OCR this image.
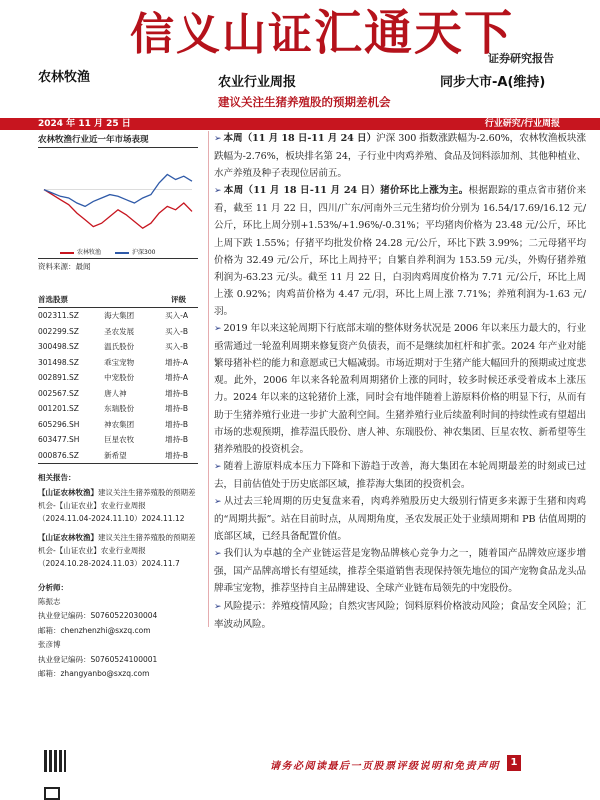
信义山证汇通天下
证券研究报告
农林牧渔	农业行业周报	同步大市-A(维持)
建议关注生猪养殖股的预期差机会
2024 年 11 月 25 日	行业研究/行业周报
农林牧渔行业近一年市场表现
农林牧渔	沪深300
资料来源：最闻
首选股票	评级
002311.SZ	海大集团	买入-A
002299.SZ	圣农发展	买入-B
300498.SZ	温氏股份	买入-B
301498.SZ	乖宝宠物	增持-A
002891.SZ	中宠股份	增持-A
002567.SZ	唐人神	增持-B
001201.SZ	东瑞股份	增持-B
605296.SH	神农集团	增持-B
603477.SH	巨星农牧	增持-B
000876.SZ	新希望	增持-B
相关报告：

【山证农林牧渔】建议关注生猪养殖股的预期差机会-【山证农业】农业行业周报（2024.11.04-2024.11.10）2024.11.12

【山证农林牧渔】建议关注生猪养殖股的预期差机会-【山证农业】农业行业周报（2024.10.28-2024.11.03）2024.11.7

分析师：

陈振志

执业登记编码：S0760522030004

邮箱：chenzhenzhi@sxzq.com

张彦博

执业登记编码：S0760524100001

邮箱：zhangyanbo@sxzq.com

➢ 本周（11 月 18 日-11 月 24 日）沪深 300 指数涨跌幅为-2.60%，农林牧渔板块涨跌幅为-2.76%，板块排名第 24，子行业中肉鸡养殖、食品及饲料添加剂、其他种植业、水产养殖及种子表现位居前五。

➢ 本周（11 月 18 日-11 月 24 日）猪价环比上涨为主。根据跟踪的重点省市猪价来看，截至 11 月 22 日，四川/广东/河南外三元生猪均价分别为 16.54/17.69/16.12 元/公斤，环比上周分别+1.53%/+1.96%/-0.31%；平均猪肉价格为 23.48 元/公斤，环比上周下跌 1.55%；仔猪平均批发价格 24.28 元/公斤，环比下跌 3.99%；二元母猪平均价格为 32.49 元/公斤，环比上周持平；自繁自养利润为 153.59 元/头，外购仔猪养殖利润为-63.23 元/头。截至 11 月 22 日，白羽肉鸡周度价格为 7.71 元/公斤，环比上周上涨 0.92%；肉鸡苗价格为 4.47 元/羽，环比上周上涨 7.71%；养殖利润为-1.63 元/羽。

➢ 2019 年以来这轮周期下行底部末端的整体财务状况是 2006 年以来压力最大的，行业亟需通过一轮盈利周期来修复资产负债表，而不是继续加杠杆和扩张。2024 年产业对能繁母猪补栏的能力和意愿或已大幅减弱。市场近期对于生猪产能大幅回升的预期或过度悲观。此外，2006 年以来各轮盈利周期猪价上涨的同时，较多时候还承受着成本上涨压力。2024 年以来的这轮猪价上涨，同时会有地伴随着上游原料价格的明显下行，从而有助于生猪养殖行业进一步扩大盈利空间。生猪养殖行业后续盈利时间的持续性或有望超出市场的悲观预期，推荐温氏股份、唐人神、东瑞股份、神农集团、巨星农牧、新希望等生猪养殖股的投资机会。

➢ 随着上游原料成本压力下降和下游趋于改善，海大集团在本轮周期最差的时刻或已过去，目前估值处于历史底部区域，推荐海大集团的投资机会。

➢ 从过去三轮周期的历史复盘来看，肉鸡养殖股历史大级别行情更多来源于生猪和肉鸡的“周期共振”。站在目前时点，从周期角度，圣农发展正处于业绩周期和 PB 估值周期的底部区域，已经具备配置价值。

➢ 我们认为卓越的全产业链运营是宠物品牌核心竞争力之一，随着国产品牌效应逐步增强，国产品牌高增长有望延续，推荐全渠道销售表现保持领先地位的国产宠物食品龙头品牌乖宝宠物，推荐坚持自主品牌建设、全球产业链布局领先的中宠股份。

➢ 风险提示：养殖疫情风险；自然灾害风险；饲料原料价格波动风险；食品安全风险；汇率波动风险。

请务必阅读最后一页股票评级说明和免责声明	1
